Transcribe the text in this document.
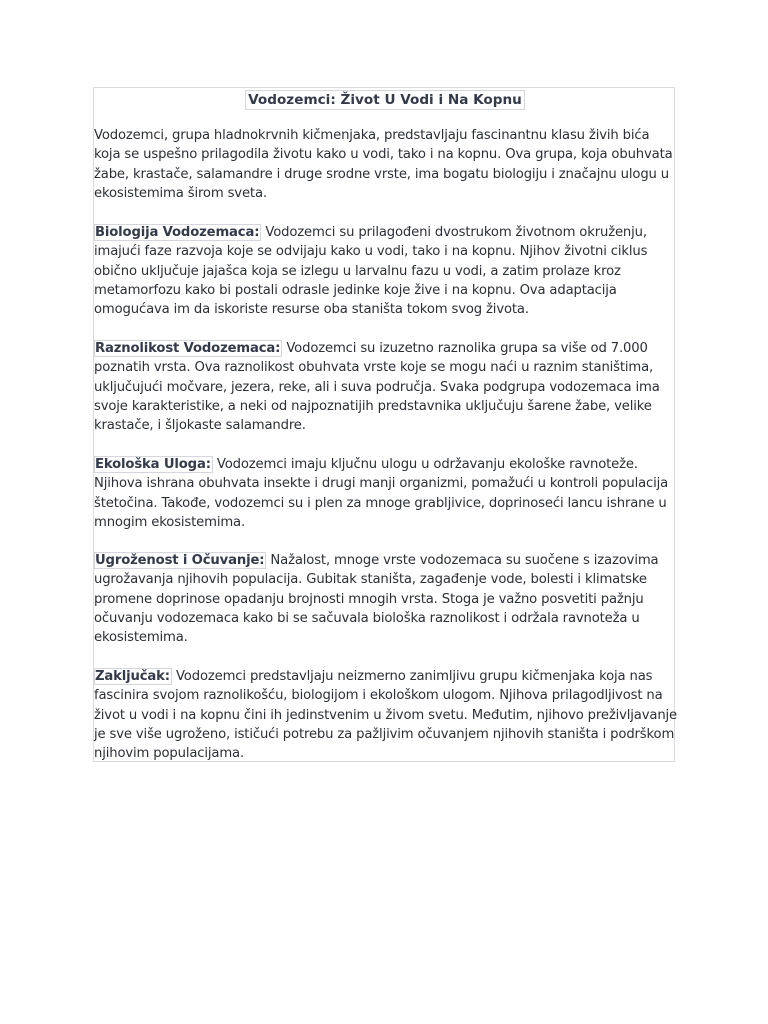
Vodozemci: Život U Vodi i Na Kopnu

Vodozemci, grupa hladnokrvnih kičmenjaka, predstavljaju fascinantnu klasu živih bića koja se uspešno prilagodila životu kako u vodi, tako i na kopnu. Ova grupa, koja obuhvata žabe, krastače, salamandre i druge srodne vrste, ima bogatu biologiju i značajnu ulogu u ekosistemima širom sveta.

Biologija Vodozemaca: Vodozemci su prilagođeni dvostrukom životnom okruženju, imajući faze razvoja koje se odvijaju kako u vodi, tako i na kopnu. Njihov životni ciklus obično uključuje jajašca koja se izlegu u larvalnu fazu u vodi, a zatim prolaze kroz metamorfozu kako bi postali odrasle jedinke koje žive i na kopnu. Ova adaptacija omogućava im da iskoriste resurse oba staništa tokom svog života.

Raznolikost Vodozemaca: Vodozemci su izuzetno raznolika grupa sa više od 7.000 poznatih vrsta. Ova raznolikost obuhvata vrste koje se mogu naći u raznim staništima, uključujući močvare, jezera, reke, ali i suva područja. Svaka podgrupa vodozemaca ima svoje karakteristike, a neki od najpoznatijih predstavnika uključuju šarene žabe, velike krastače, i šljokaste salamandre.

Ekološka Uloga: Vodozemci imaju ključnu ulogu u održavanju ekološke ravnoteže. Njihova ishrana obuhvata insekte i drugi manji organizmi, pomažući u kontroli populacija štetočina. Takođe, vodozemci su i plen za mnoge grabljivice, doprinoseći lancu ishrane u mnogim ekosistemima.

Ugroženost i Očuvanje: Nažalost, mnoge vrste vodozemaca su suočene s izazovima ugrožavanja njihovih populacija. Gubitak staništa, zagađenje vode, bolesti i klimatske promene doprinose opadanju brojnosti mnogih vrsta. Stoga je važno posvetiti pažnju očuvanju vodozemaca kako bi se sačuvala biološka raznolikost i održala ravnoteža u ekosistemima.

Zaključak: Vodozemci predstavljaju neizmerno zanimljivu grupu kičmenjaka koja nas fascinira svojom raznolikošću, biologijom i ekološkom ulogom. Njihova prilagodljivost na život u vodi i na kopnu čini ih jedinstvenim u živom svetu. Međutim, njihovo preživljavanje je sve više ugroženo, ističući potrebu za pažljivim očuvanjem njihovih staništa i podrškom njihovim populacijama.
